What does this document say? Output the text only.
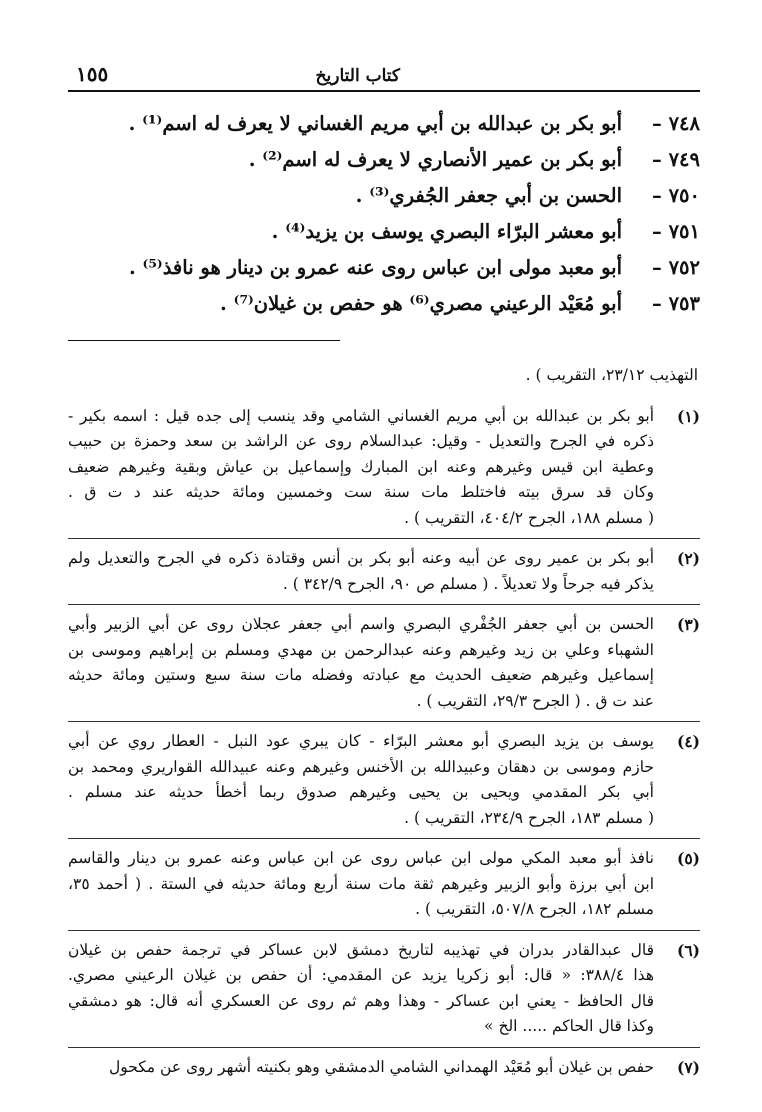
كتاب التاريخ
١٥٥
٧٤٨ –
أبو بكر بن عبدالله بن أبي مريم الغساني لا يعرف له اسم⁽¹⁾ .
٧٤٩ –
أبو بكر بن عمير الأنصاري لا يعرف له اسم⁽²⁾ .
٧٥٠ –
الحسن بن أبي جعفر الجُفري⁽³⁾ .
٧٥١ –
أبو معشر البرّاء البصري يوسف بن يزيد⁽⁴⁾ .
٧٥٢ –
أبو معبد مولى ابن عباس روى عنه عمرو بن دينار هو نافذ⁽⁵⁾ .
٧٥٣ –
أبو مُعَيْد الرعيني مصري⁽⁶⁾ هو حفص بن غيلان⁽⁷⁾ .
التهذيب ٢٣/١٢، التقريب ) .
(١)
أبو بكر بن عبدالله بن أبي مريم الغساني الشامي وقد ينسب إلى جده قيل : اسمه بكير -
ذكره في الجرح والتعديل - وقيل: عبدالسلام روى عن الراشد بن سعد وحمزة بن حبيب
وعطية ابن قيس وغيرهم وعنه ابن المبارك وإسماعيل بن عياش وبقية وغيرهم ضعيف
وكان قد سرق بيته فاختلط مات سنة ست وخمسين ومائة حديثه عند د ت ق .
( مسلم ١٨٨، الجرح ٤٠٤/٢، التقريب ) .
(٢)
أبو بكر بن عمير روى عن أبيه وعنه أبو بكر بن أنس وقتادة ذكره في الجرح والتعديل ولم
يذكر فيه جرحاً ولا تعديلاً . ( مسلم ص ٩٠، الجرح ٣٤٢/٩ ) .
(٣)
الحسن بن أبي جعفر الجُفْري البصري واسم أبي جعفر عجلان روى عن أبي الزبير وأبي
الشهباء وعلي بن زيد وغيرهم وعنه عبدالرحمن بن مهدي ومسلم بن إبراهيم وموسى بن
إسماعيل وغيرهم ضعيف الحديث مع عبادته وفضله مات سنة سبع وستين ومائة حديثه
عند ت ق . ( الجرح ٢٩/٣، التقريب ) .
(٤)
يوسف بن يزيد البصري أبو معشر البرّاء - كان يبري عود النبل - العطار روي عن أبي
حازم وموسى بن دهقان وعبيدالله بن الأخنس وغيرهم وعنه عبيدالله القواريري ومحمد بن
أبي بكر المقدمي ويحيى بن يحيى وغيرهم صدوق ربما أخطأ حديثه عند مسلم .
( مسلم ١٨٣، الجرح ٢٣٤/٩، التقريب ) .
(٥)
نافذ أبو معبد المكي مولى ابن عباس روى عن ابن عباس وعنه عمرو بن دينار والقاسم
ابن أبي برزة وأبو الزبير وغيرهم ثقة مات سنة أربع ومائة حديثه في الستة . ( أحمد ٣٥،
مسلم ١٨٢، الجرح ٥٠٧/٨، التقريب ) .
(٦)
قال عبدالقادر بدران في تهذيبه لتاريخ دمشق لابن عساكر في ترجمة حفص بن غيلان
هذا ٣٨٨/٤: « قال: أبو زكريا يزيد عن المقدمي: أن حفص بن غيلان الرعيني مصري.
قال الحافظ - يعني ابن عساكر - وهذا وهم ثم روى عن العسكري أنه قال: هو دمشقي
وكذا قال الحاكم ..... الخ »
(٧)
حفص بن غيلان أبو مُعَيْد الهمداني الشامي الدمشقي وهو بكنيته أشهر روى عن مكحول
